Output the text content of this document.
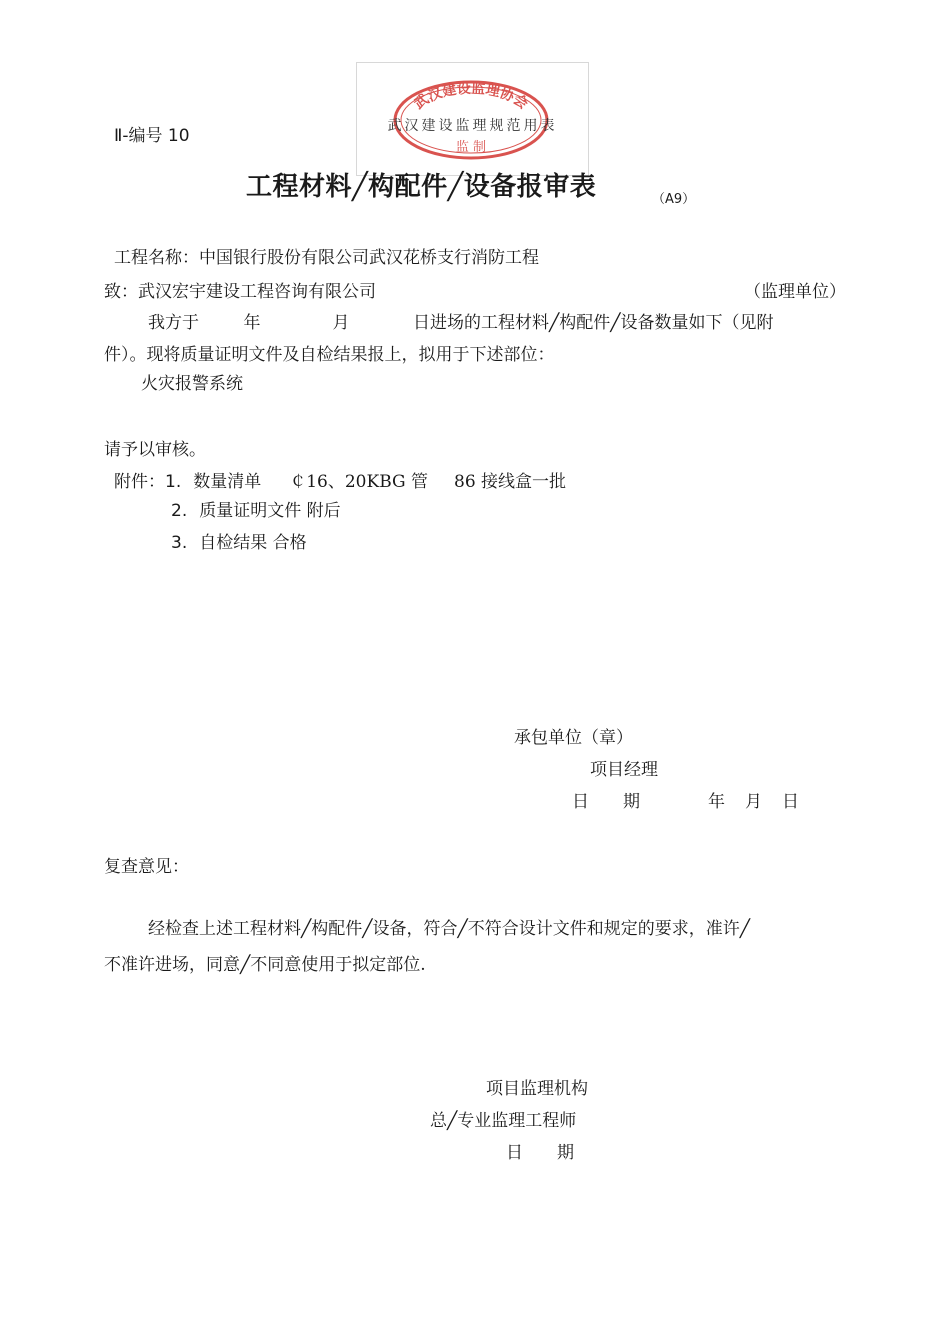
Ⅱ-编号 10
武汉建设监理协会
监 制
武汉建设监理规范用表
工程材料╱构配件╱设备报审表	（A9）
工程名称：中国银行股份有限公司武汉花桥支行消防工程
致：武汉宏宇建设工程咨询有限公司	（监理单位）
我方于	年	月	日进场的工程材料╱构配件╱设备数量如下（见附
件）。现将质量证明文件及自检结果报上，拟用于下述部位：
火灾报警系统
请予以审核。
附件：1. 数量清单 ￠16、20KBG 管 86 接线盒一批
2. 质量证明文件 附后
3. 自检结果 合格
承包单位（章）
项目经理
日　　期	年 月 日
复查意见：
经检查上述工程材料╱构配件╱设备，符合╱不符合设计文件和规定的要求，准许╱
不准许进场，同意╱不同意使用于拟定部位.
项目监理机构
总╱专业监理工程师
日　　期
